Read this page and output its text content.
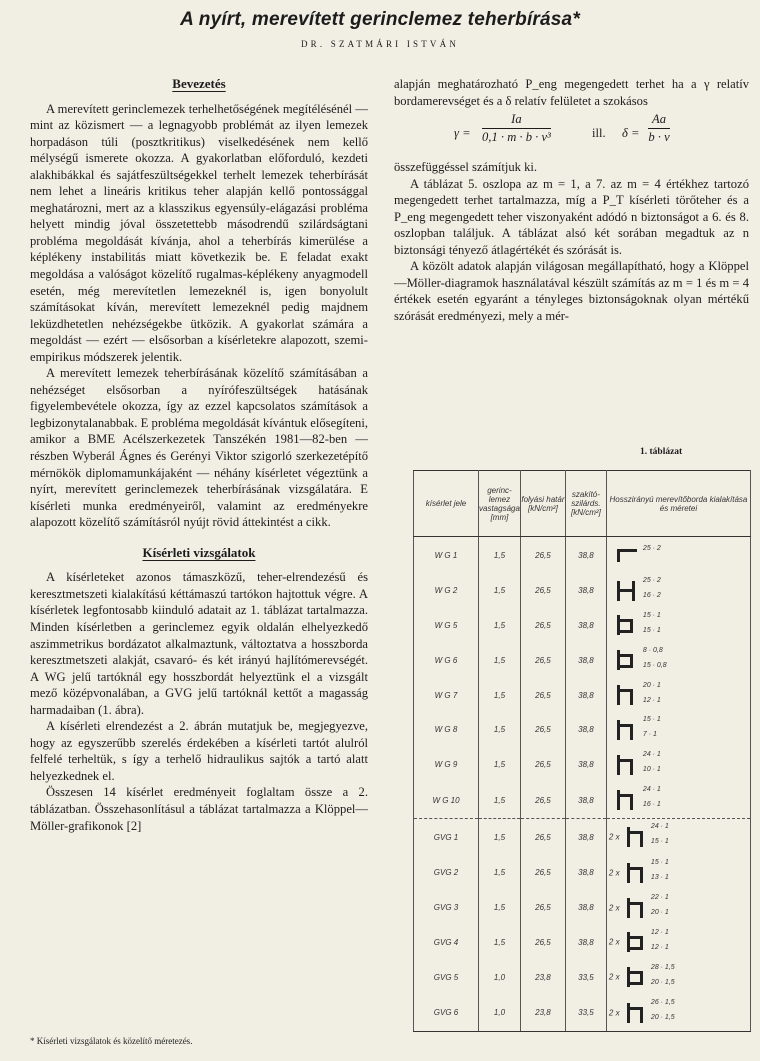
A nyírt, merevített gerinclemez teherbírása*
DR. SZATMÁRI ISTVÁN
Bevezetés

A merevített gerinclemezek terhelhetőségének megítélésénél — mint az közismert — a legnagyobb problémát az ilyen lemezek horpadáson túli (posztkritikus) viselkedésének nem kellő mélységű ismerete okozza. A gyakorlatban előforduló, kezdeti alakhibákkal és sajátfeszültségekkel terhelt lemezek teherbírását nem lehet a lineáris kritikus teher alapján kellő pontossággal meghatározni, mert az a klasszikus egyensúly-elágazási probléma helyett mindig jóval összetettebb másodrendű szilárdságtani probléma megoldását kívánja, ahol a teherbírás kimerülése a képlékeny instabilitás miatt következik be. E feladat exakt megoldása a valóságot közelítő rugalmas-képlékeny anyagmodell esetén, még merevítetlen lemezeknél is, igen bonyolult számításokat kíván, merevített lemezeknél pedig majdnem leküzdhetetlen nehézségekbe ütközik. A gyakorlat számára a megoldást — ezért — elsősorban a kísérletekre alapozott, szemi-empirikus módszerek jelentik.

A merevített lemezek teherbírásának közelítő számításában a nehézséget elsősorban a nyírófeszültségek hatásának figyelembevétele okozza, így az ezzel kapcsolatos számítások a legbizonytalanabbak. E probléma megoldását kívántuk elősegíteni, amikor a BME Acélszerkezetek Tanszékén 1981—82-ben — részben Wyberál Ágnes és Gerényi Viktor szigorló szerkezetépítő mérnökök diplomamunkájaként — néhány kísérletet végeztünk a nyírt, merevített gerinclemezek teherbírásának vizsgálatára. E kísérleti munka eredményeiről, valamint az eredményekre alapozott közelítő számításról nyújt rövid áttekintést a cikk.

Kísérleti vizsgálatok

A kísérleteket azonos támaszközű, teher-elrendezésű és keresztmetszeti kialakítású kéttámaszú tartókon hajtottuk végre. A kísérletek legfontosabb kiinduló adatait az 1. táblázat tartalmazza. Minden kísérletben a gerinclemez egyik oldalán elhelyezkedő aszimmetrikus bordázatot alkalmaztunk, változtatva a hosszborda keresztmetszeti alakját, csavaró- és két irányú hajlítómerevségét. A WG jelű tartóknál egy hosszbordát helyeztünk el a vizsgált mező középvonalában, a GVG jelű tartóknál kettőt a magasság harmadaiban (1. ábra).

A kísérleti elrendezést a 2. ábrán mutatjuk be, megjegyezve, hogy az egyszerűbb szerelés érdekében a kísérleti tartót alulról felfelé terheltük, s így a terhelő hidraulikus sajtók a tartó alatt helyezkednek el.

Összesen 14 kísérlet eredményeit foglaltam össze a 2. táblázatban. Összehasonlításul a táblázat tartalmazza a Klöppel—Möller-grafikonok [2]

* Kísérleti vizsgálatok és közelítő méretezés.

alapján meghatározható P_eng megengedett terhet ha a γ relatív bordamerevséget és a δ relatív felületet a szokásos

$\gamma = \frac{Ia}{\text{0,1 · m · b · v³}}$	ill. $\delta = \frac{Aa}{b \cdot v}$

összefüggéssel számítjuk ki.

A táblázat 5. oszlopa az m = 1, a 7. az m = 4 értékhez tartozó megengedett terhet tartalmazza, míg a P_T kísérleti törőteher és a P_eng megengedett teher viszonyaként adódó n biztonságot a 6. és 8. oszlopban találjuk. A táblázat alsó két sorában megadtuk az n biztonsági tényező átlagértékét és szórását is.

A közölt adatok alapján világosan megállapítható, hogy a Klöppel—Möller-diagramok használatával készült számítás az m = 1 és m = 4 értékek esetén egyaránt a tényleges biztonságoknak olyan mértékű szórását eredményezi, mely a mér-

1. táblázat
kísérlet jele	gerinc-lemez vastagsága [mm]	folyási határ [kN/cm²]	szakító-szilárds. [kN/cm²]	Hosszirányú merevítőborda kialakítása és méretei
W G 1	1,5	26,5	38,8	25 · 2

W G 2	1,5	26,5	38,8	25 · 2
16 · 2

W G 5	1,5	26,5	38,8	15 · 1
15 · 1

W G 6	1,5	26,5	38,8	8 · 0,8
15 · 0,8

W G 7	1,5	26,5	38,8	20 · 1
12 · 1

W G 8	1,5	26,5	38,8	15 · 1
7 · 1

W G 9	1,5	26,5	38,8	24 · 1
10 · 1

W G 10	1,5	26,5	38,8	24 · 1
16 · 1

GVG 1	1,5	26,5	38,8	2 x
24 · 1
15 · 1

GVG 2	1,5	26,5	38,8	2 x
15 · 1
13 · 1

GVG 3	1,5	26,5	38,8	2 x
22 · 1
20 · 1

GVG 4	1,5	26,5	38,8	2 x
12 · 1
12 · 1

GVG 5	1,0	23,8	33,5	2 x
28 · 1,5
20 · 1,5

GVG 6	1,0	23,8	33,5	2 x
26 · 1,5
20 · 1,5
